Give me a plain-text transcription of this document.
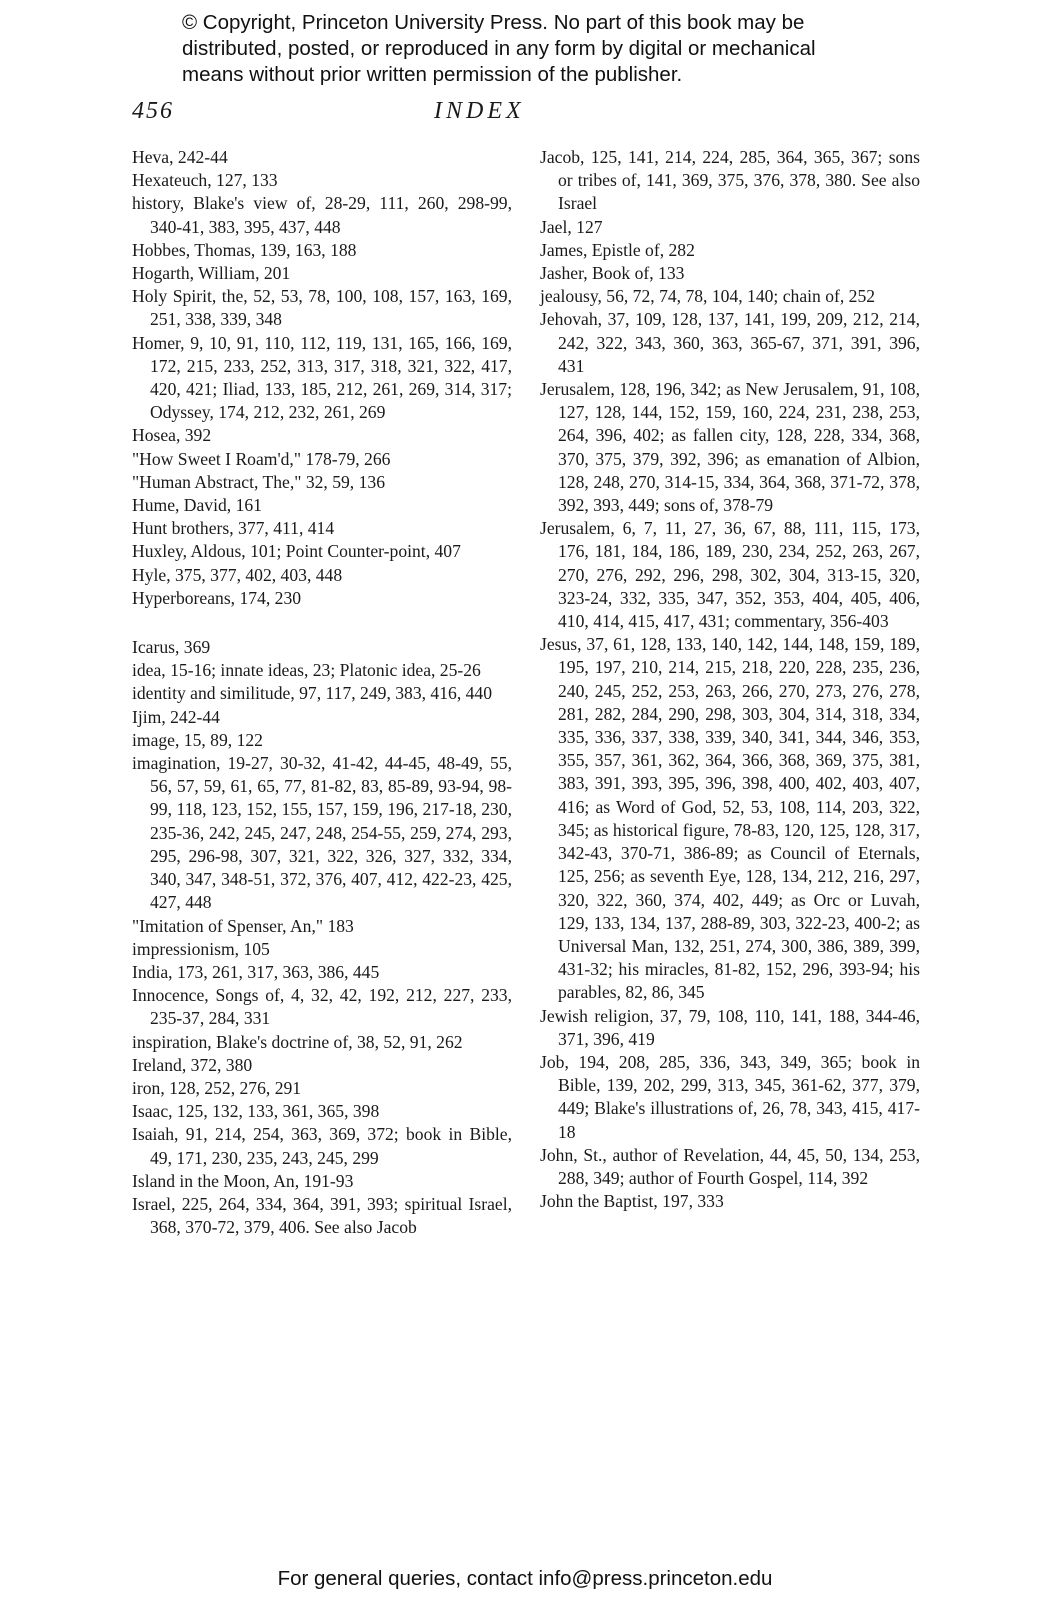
© Copyright, Princeton University Press. No part of this book may be
distributed, posted, or reproduced in any form by digital or mechanical
means without prior written permission of the publisher.
456	INDEX
Heva, 242-44
Hexateuch, 127, 133
history, Blake's view of, 28-29, 111, 260, 298-99, 340-41, 383, 395, 437, 448
Hobbes, Thomas, 139, 163, 188
Hogarth, William, 201
Holy Spirit, the, 52, 53, 78, 100, 108, 157, 163, 169, 251, 338, 339, 348
Homer, 9, 10, 91, 110, 112, 119, 131, 165, 166, 169, 172, 215, 233, 252, 313, 317, 318, 321, 322, 417, 420, 421; Iliad, 133, 185, 212, 261, 269, 314, 317; Odyssey, 174, 212, 232, 261, 269
Hosea, 392
"How Sweet I Roam'd," 178-79, 266
"Human Abstract, The," 32, 59, 136
Hume, David, 161
Hunt brothers, 377, 411, 414
Huxley, Aldous, 101; Point Counter-point, 407
Hyle, 375, 377, 402, 403, 448
Hyperboreans, 174, 230
Icarus, 369
idea, 15-16; innate ideas, 23; Platonic idea, 25-26
identity and similitude, 97, 117, 249, 383, 416, 440
Ijim, 242-44
image, 15, 89, 122
imagination, 19-27, 30-32, 41-42, 44-45, 48-49, 55, 56, 57, 59, 61, 65, 77, 81-82, 83, 85-89, 93-94, 98-99, 118, 123, 152, 155, 157, 159, 196, 217-18, 230, 235-36, 242, 245, 247, 248, 254-55, 259, 274, 293, 295, 296-98, 307, 321, 322, 326, 327, 332, 334, 340, 347, 348-51, 372, 376, 407, 412, 422-23, 425, 427, 448
"Imitation of Spenser, An," 183
impressionism, 105
India, 173, 261, 317, 363, 386, 445
Innocence, Songs of, 4, 32, 42, 192, 212, 227, 233, 235-37, 284, 331
inspiration, Blake's doctrine of, 38, 52, 91, 262
Ireland, 372, 380
iron, 128, 252, 276, 291
Isaac, 125, 132, 133, 361, 365, 398
Isaiah, 91, 214, 254, 363, 369, 372; book in Bible, 49, 171, 230, 235, 243, 245, 299
Island in the Moon, An, 191-93
Israel, 225, 264, 334, 364, 391, 393; spiritual Israel, 368, 370-72, 379, 406. See also Jacob
Jacob, 125, 141, 214, 224, 285, 364, 365, 367; sons or tribes of, 141, 369, 375, 376, 378, 380. See also Israel
Jael, 127
James, Epistle of, 282
Jasher, Book of, 133
jealousy, 56, 72, 74, 78, 104, 140; chain of, 252
Jehovah, 37, 109, 128, 137, 141, 199, 209, 212, 214, 242, 322, 343, 360, 363, 365-67, 371, 391, 396, 431
Jerusalem, 128, 196, 342; as New Jerusalem, 91, 108, 127, 128, 144, 152, 159, 160, 224, 231, 238, 253, 264, 396, 402; as fallen city, 128, 228, 334, 368, 370, 375, 379, 392, 396; as emanation of Albion, 128, 248, 270, 314-15, 334, 364, 368, 371-72, 378, 392, 393, 449; sons of, 378-79
Jerusalem, 6, 7, 11, 27, 36, 67, 88, 111, 115, 173, 176, 181, 184, 186, 189, 230, 234, 252, 263, 267, 270, 276, 292, 296, 298, 302, 304, 313-15, 320, 323-24, 332, 335, 347, 352, 353, 404, 405, 406, 410, 414, 415, 417, 431; commentary, 356-403
Jesus, 37, 61, 128, 133, 140, 142, 144, 148, 159, 189, 195, 197, 210, 214, 215, 218, 220, 228, 235, 236, 240, 245, 252, 253, 263, 266, 270, 273, 276, 278, 281, 282, 284, 290, 298, 303, 304, 314, 318, 334, 335, 336, 337, 338, 339, 340, 341, 344, 346, 353, 355, 357, 361, 362, 364, 366, 368, 369, 375, 381, 383, 391, 393, 395, 396, 398, 400, 402, 403, 407, 416; as Word of God, 52, 53, 108, 114, 203, 322, 345; as historical figure, 78-83, 120, 125, 128, 317, 342-43, 370-71, 386-89; as Council of Eternals, 125, 256; as seventh Eye, 128, 134, 212, 216, 297, 320, 322, 360, 374, 402, 449; as Orc or Luvah, 129, 133, 134, 137, 288-89, 303, 322-23, 400-2; as Universal Man, 132, 251, 274, 300, 386, 389, 399, 431-32; his miracles, 81-82, 152, 296, 393-94; his parables, 82, 86, 345
Jewish religion, 37, 79, 108, 110, 141, 188, 344-46, 371, 396, 419
Job, 194, 208, 285, 336, 343, 349, 365; book in Bible, 139, 202, 299, 313, 345, 361-62, 377, 379, 449; Blake's illustrations of, 26, 78, 343, 415, 417-18
John, St., author of Revelation, 44, 45, 50, 134, 253, 288, 349; author of Fourth Gospel, 114, 392
John the Baptist, 197, 333
For general queries, contact info@press.princeton.edu
